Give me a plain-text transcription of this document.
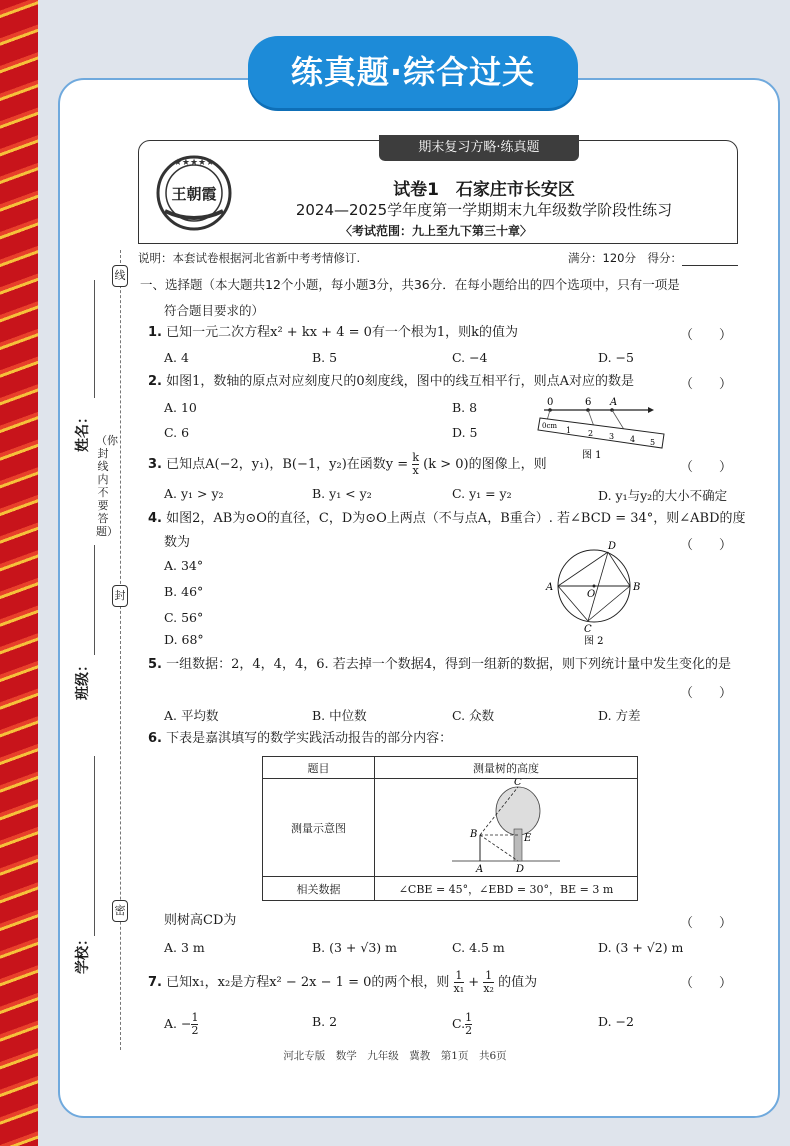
练真题·综合过关
线
封
密
（你封线内不要答题）
姓名：
班级：
学校：
期末复习方略·练真题
★★★★★
王朝霞	试卷1　石家庄市长安区
2024—2025学年度第一学期期末九年级数学阶段性练习
〈考试范围：九上至九下第三十章〉
说明：本套试卷根据河北省新中考考情修订.	满分：120分　得分：
一、选择题（本大题共12个小题，每小题3分，共36分．在每小题给出的四个选项中，只有一项是
符合题目要求的）
1. 已知一元二次方程x² + kx + 4 = 0有一个根为1，则k的值为	（　　）
A. 4	B. 5	C. −4	D. −5
2. 如图1，数轴的原点对应刻度尺的0刻度线，图中的线互相平行，则点A对应的数是	（　　）
A. 10	B. 8
C. 6	D. 5
0	6 A
0cm 1 2 3 4 5
图 1
3. 已知点A(−2，y₁)，B(−1，y₂)在函数$y = \frac{k}{x} (k > 0)$的图像上，则	（　　）
A. y₁ > y₂	B. y₁ < y₂	C. y₁ = y₂	D. y₁与y₂的大小不确定
4. 如图2，AB为⊙O的直径，C，D为⊙O上两点（不与点A，B重合）. 若∠BCD = 34°，则∠ABD的度
数为	（　　）
A. 34°
B. 46°
C. 56°
D. 68°
A	B
C
D
O
图 2
5. 一组数据：2，4，4，4，6. 若去掉一个数据4，得到一组新的数据，则下列统计量中发生变化的是
（　　）
A. 平均数	B. 中位数	C. 众数	D. 方差
6. 下表是嘉淇填写的数学实践活动报告的部分内容：
题目	测量树的高度
测量示意图	C
B E
A D

相关数据	∠CBE = 45°，∠EBD = 30°，BE = 3 m
则树高CD为	（　　）
A. 3 m	B. (3 + √3) m	C. 4.5 m	D. (3 + √2) m
7. 已知x₁，x₂是方程x² − 2x − 1 = 0的两个根，则 $\frac{1}{\text{x₁}} + \frac{1}{\text{x₂}}$ 的值为	（　　）
A. − $\frac{1}{2}$	B. 2	C. $\frac{1}{2}$	D. −2
河北专版　数学　九年级　冀教　第1页　共6页
